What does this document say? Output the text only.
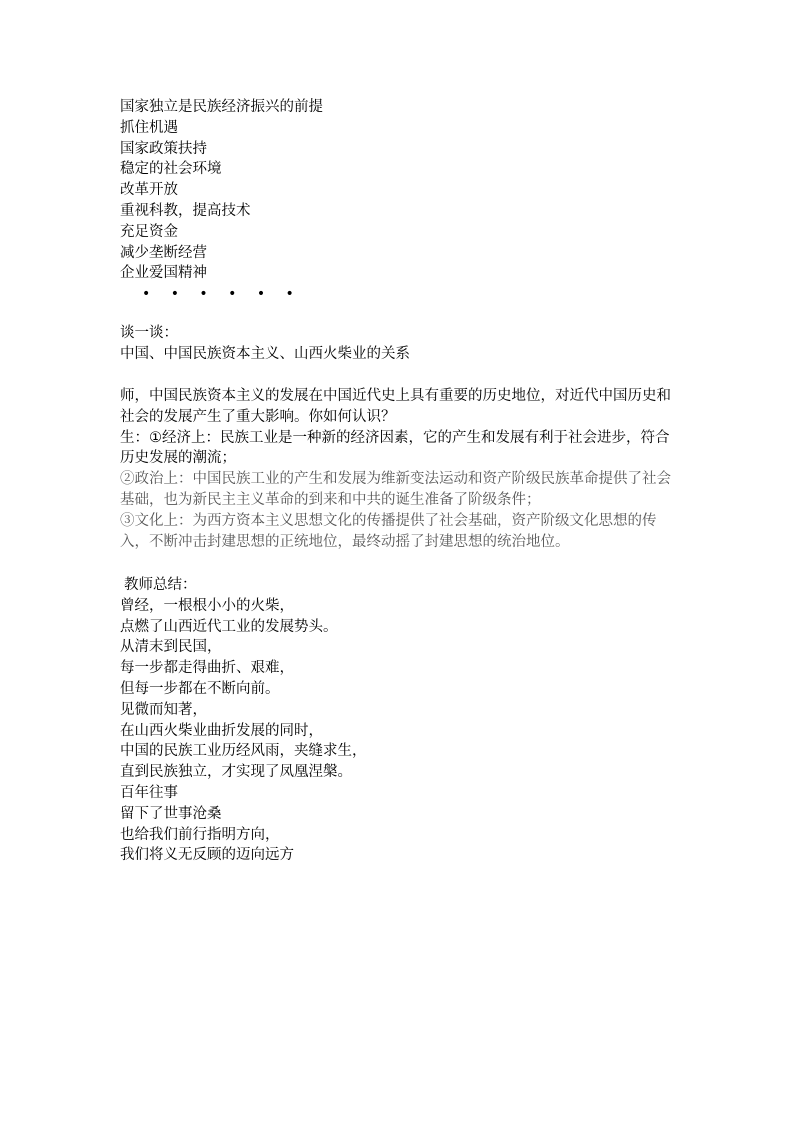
国家独立是民族经济振兴的前提

抓住机遇

国家政策扶持

稳定的社会环境

改革开放

重视科教，提高技术

充足资金

减少垄断经营

企业爱国精神

• • • • • •

谈一谈：

中国、中国民族资本主义、山西火柴业的关系

师，中国民族资本主义的发展在中国近代史上具有重要的历史地位，对近代中国历史和社会的发展产生了重大影响。你如何认识？

生：①经济上：民族工业是一种新的经济因素，它的产生和发展有利于社会进步，符合历史发展的潮流；

②政治上：中国民族工业的产生和发展为维新变法运动和资产阶级民族革命提供了社会基础，也为新民主主义革命的到来和中共的诞生准备了阶级条件；

③文化上：为西方资本主义思想文化的传播提供了社会基础，资产阶级文化思想的传入，不断冲击封建思想的正统地位，最终动摇了封建思想的统治地位。

教师总结：

曾经，一根根小小的火柴，

点燃了山西近代工业的发展势头。

从清末到民国，

每一步都走得曲折、艰难，

但每一步都在不断向前。

见微而知著，

在山西火柴业曲折发展的同时，

中国的民族工业历经风雨，夹缝求生，

直到民族独立，才实现了凤凰涅槃。

百年往事

留下了世事沧桑

也给我们前行指明方向，

我们将义无反顾的迈向远方
